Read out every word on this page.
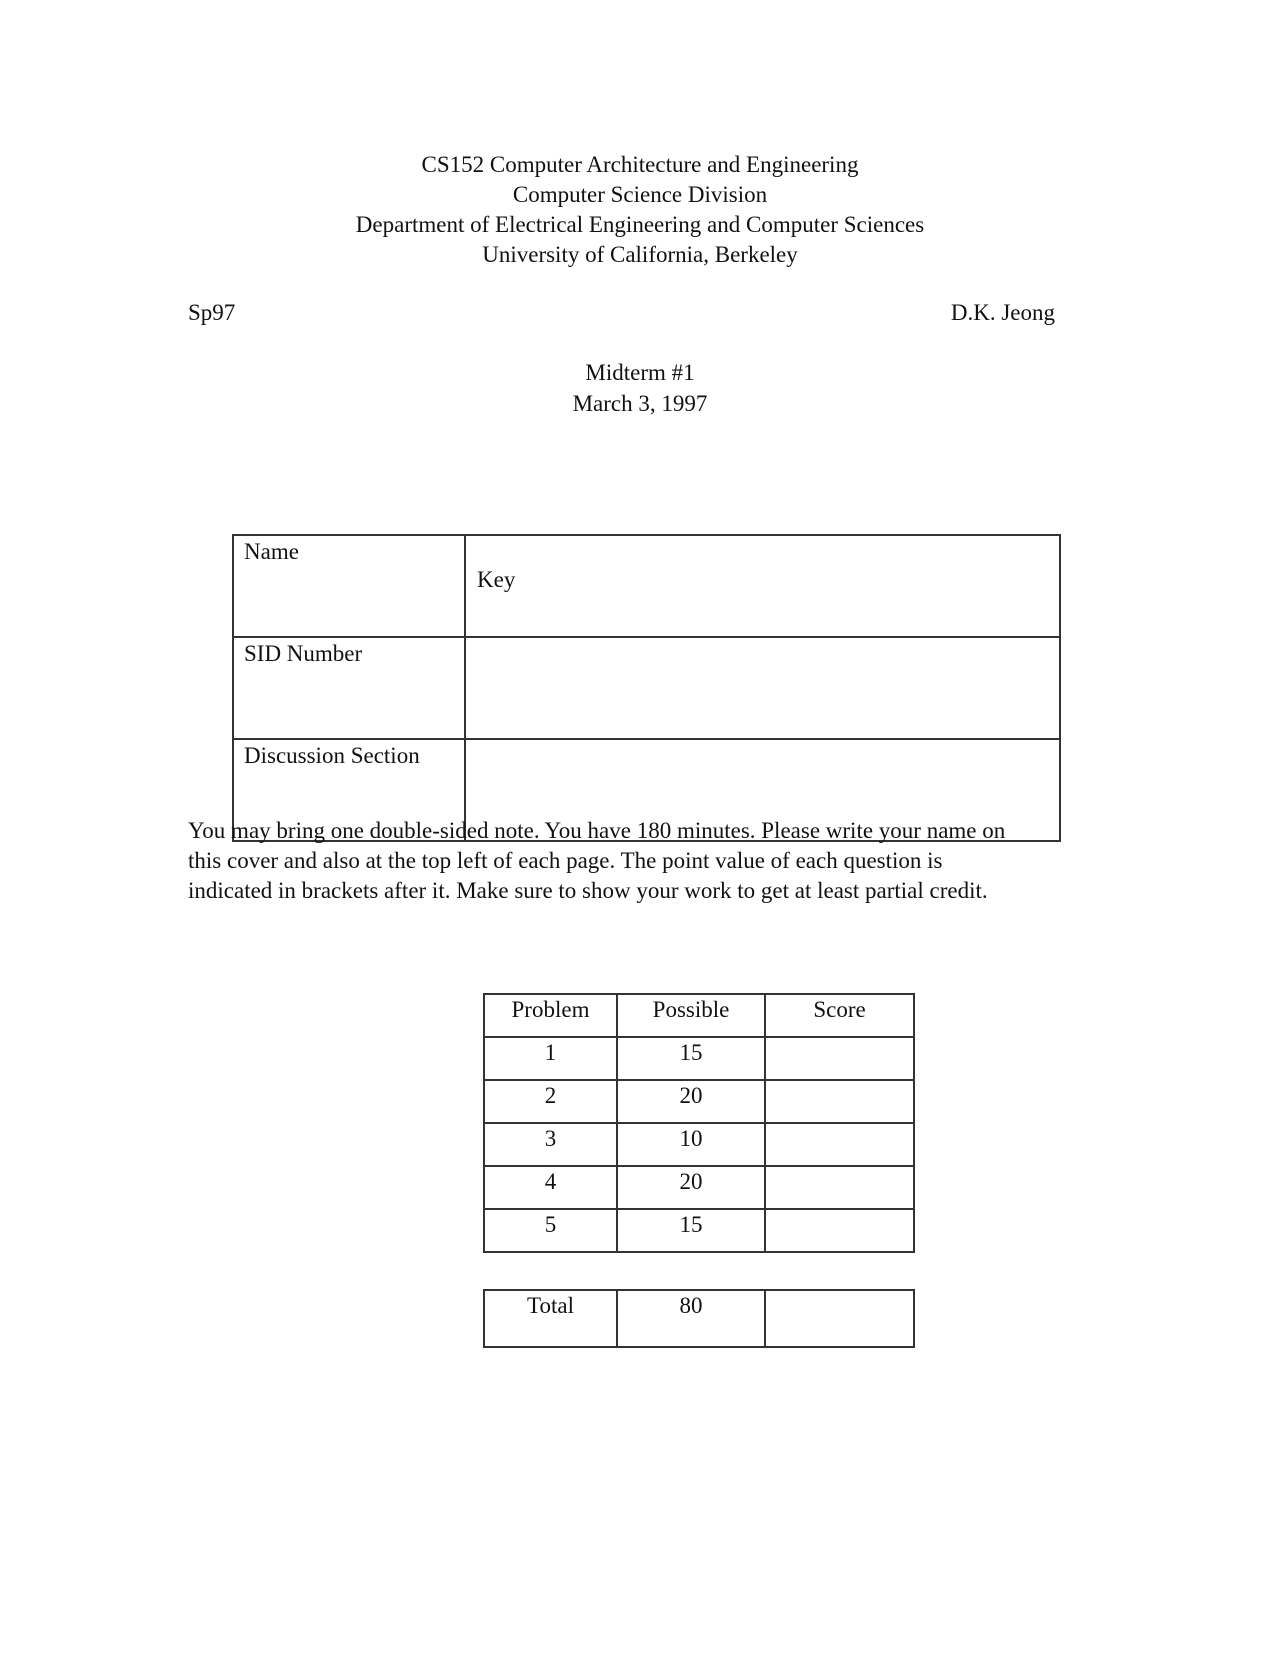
CS152 Computer Architecture and Engineering
Computer Science Division
Department of Electrical Engineering and Computer Sciences
University of California, Berkeley
Sp97	D.K. Jeong
Midterm #1
March 3, 1997
Name	Key
SID Number	
Discussion Section	
You may bring one double-sided note. You have 180 minutes. Please write your name on
this cover and also at the top left of each page. The point value of each question is
indicated in brackets after it. Make sure to show your work to get at least partial credit.
Problem	Possible	Score
1	15	
2	20	
3	10	
4	20	
5	15	
Total	80	
